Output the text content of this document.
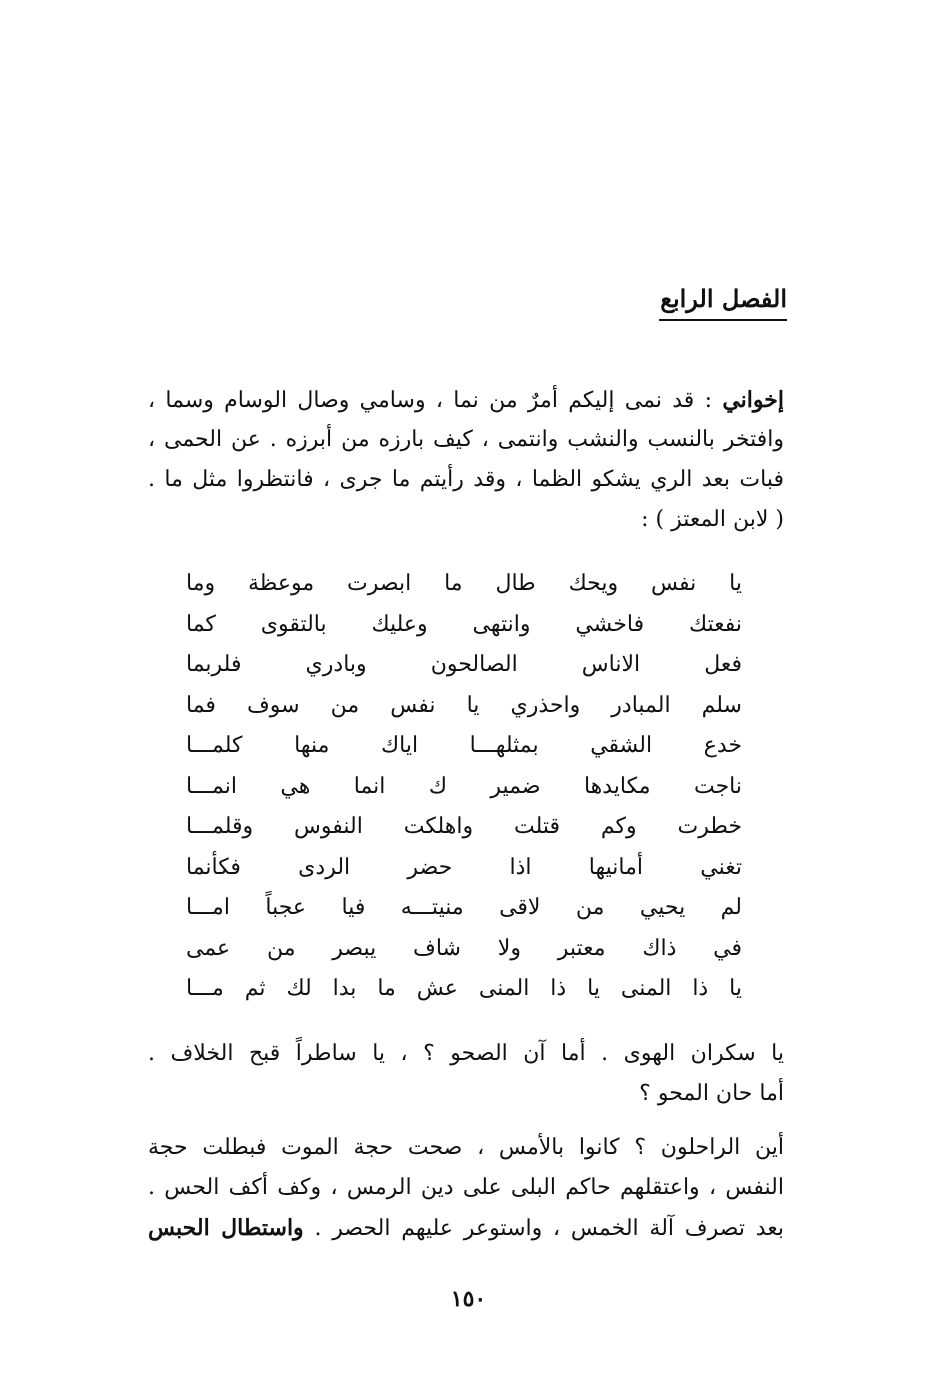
الفصل الرابع
إخواني : قد نمى إليكم أمرٌ من نما ، وسامي وصال الوسام وسما ،
وافتخر بالنسب والنشب وانتمى ، كيف بارزه من أبرزه . عن الحمى ،
فبات بعد الري يشكو الظما ، وقد رأيتم ما جرى ، فانتظروا مثل ما .
( لابن المعتز ) :
يا نفس ويحك طال ما ابصرت موعظة وما
نفعتك فاخشي وانتهى وعليك بالتقوى كما
فعل الاناس الصالحون وبادري فلربما
سلم المبادر واحذري يا نفس من سوف فما
خدع الشقي بمثلهـــا اياك منها كلمـــا
ناجت مكايدها ضمير ك انما هي انمـــا
خطرت وكم قتلت واهلكت النفوس وقلمـــا
تغني أمانيها اذا حضر الردى فكأنما
لم يحيي من لاقى منيتـــه فيا عجباً امـــا
في ذاك معتبر ولا شاف يبصر من عمى
يا ذا المنى يا ذا المنى عش ما بدا لك ثم مـــا
يا سكران الهوى . أما آن الصحو ؟ ، يا ساطراً قبح الخلاف .
أما حان المحو ؟
أين الراحلون ؟ كانوا بالأمس ، صحت حجة الموت فبطلت حجة
النفس ، واعتقلهم حاكم البلى على دين الرمس ، وكف أكف الحس .
بعد تصرف آلة الخمس ، واستوعر عليهم الحصر . واستطال الحبس
١٥٠
